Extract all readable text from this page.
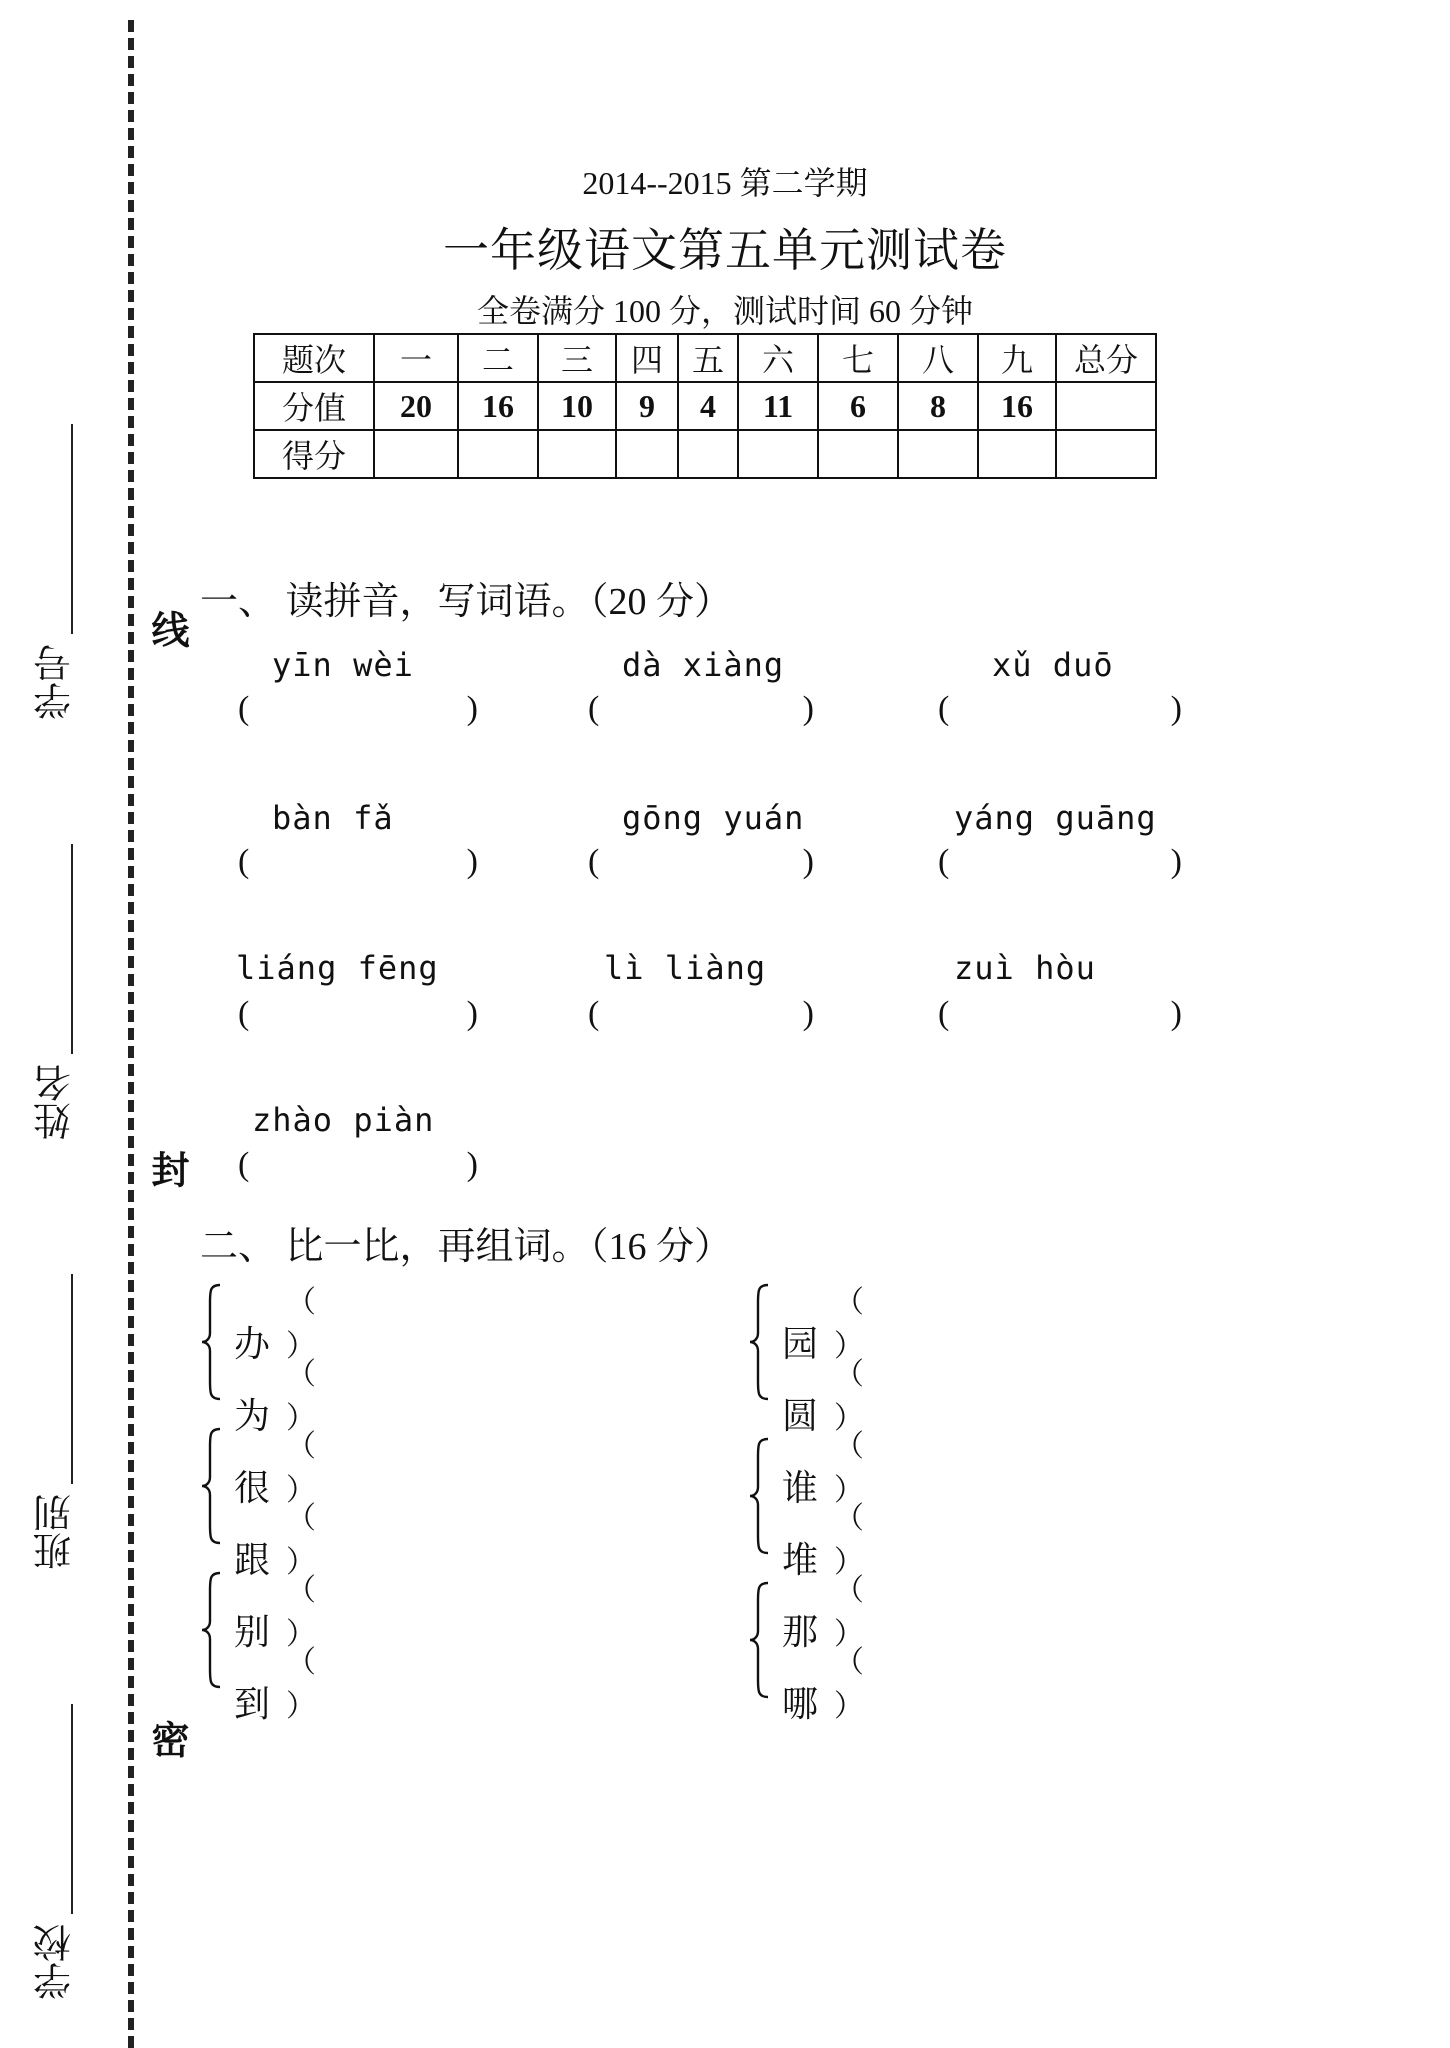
学号
姓名
班别
学校
线
封
密
2014--2015 第二学期
一年级语文第五单元测试卷
全卷满分 100 分，测试时间 60 分钟
题次	一	二	三	四	五	六	七	八	九	总分
分值	20	16	10	9	4	11	6	8	16	
得分										
一、 读拼音，写词语。（20 分）
yīn wèi	dà xiàng	xǔ duō
(	)	(	)	(	)
bàn fǎ	gōng yuán	yáng guāng
(	)	(	)	(	)
liáng fēng	lì liàng	zuì hòu
(	)	(	)	(	)
zhào piàn
(	)
二、 比一比，再组词。（16 分）
办（）
为（）
园（）
圆（）
很（）
跟（）
谁（）
堆（）
别（）
到（）
那（）
哪（）
